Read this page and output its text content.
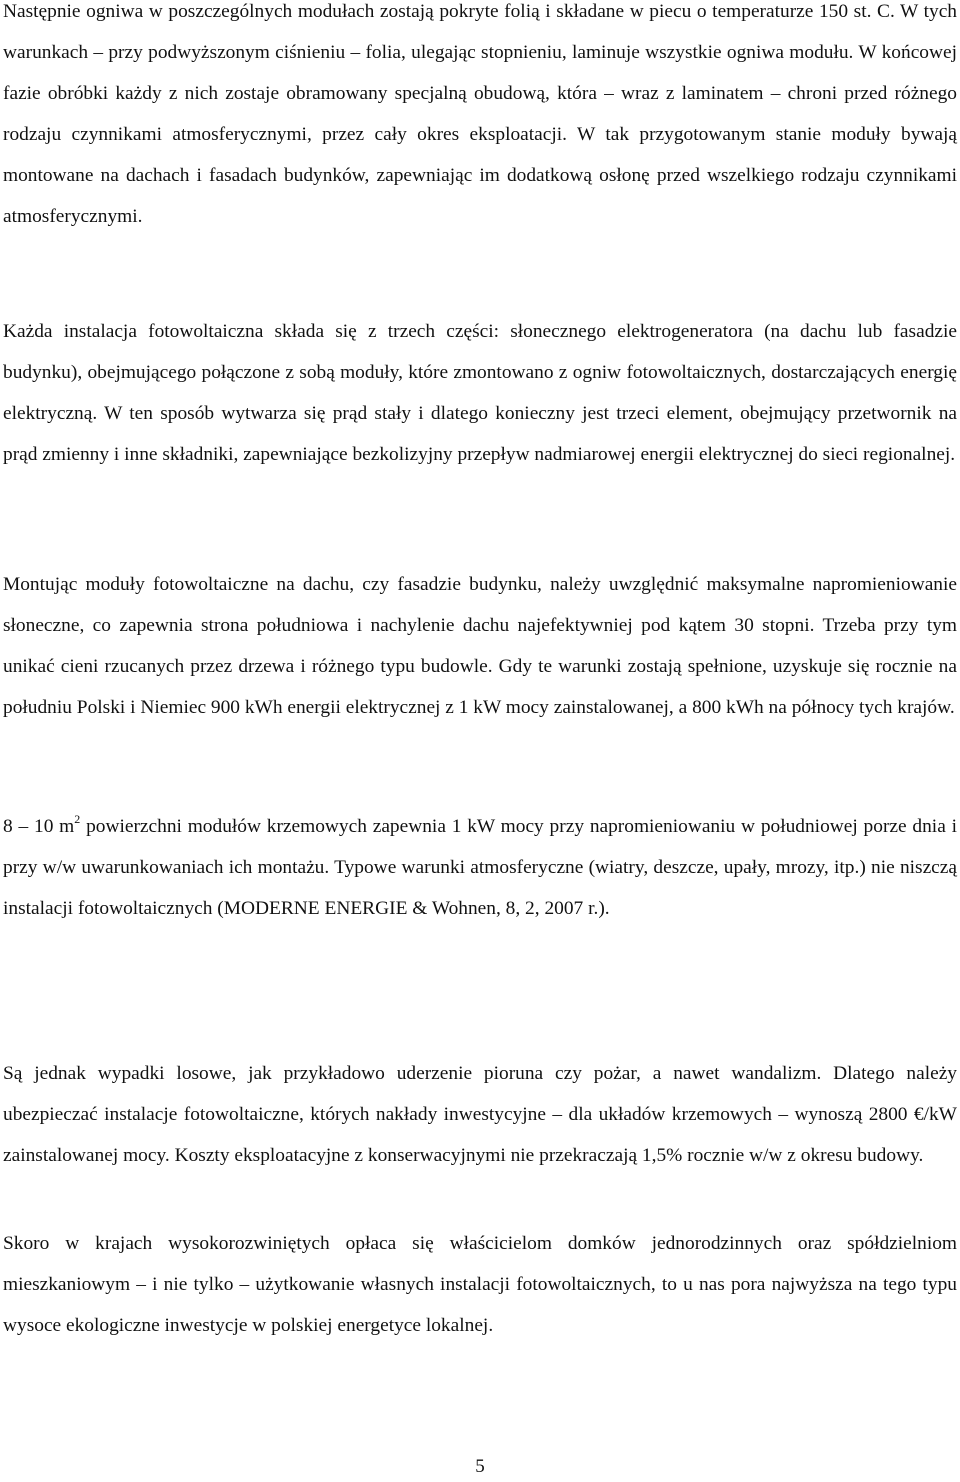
Następnie ogniwa w poszczególnych modułach zostają pokryte folią i składane w piecu o temperaturze 150 st. C. W tych warunkach – przy podwyższonym ciśnieniu – folia, ulegając stopnieniu, laminuje wszystkie ogniwa modułu. W końcowej fazie obróbki każdy z nich zostaje obramowany specjalną obudową, która – wraz z laminatem – chroni przed różnego rodzaju czynnikami atmosferycznymi, przez cały okres eksploatacji. W tak przygotowanym stanie moduły bywają montowane na dachach i fasadach budynków, zapewniając im dodatkową osłonę przed wszelkiego rodzaju czynnikami atmosferycznymi.

Każda instalacja fotowoltaiczna składa się z trzech części: słonecznego elektrogeneratora (na dachu lub fasadzie budynku), obejmującego połączone z sobą moduły, które zmontowano z ogniw fotowoltaicznych, dostarczających energię elektryczną. W ten sposób wytwarza się prąd stały i dlatego konieczny jest trzeci element, obejmujący przetwornik na prąd zmienny i inne składniki, zapewniające bezkolizyjny przepływ nadmiarowej energii elektrycznej do sieci regionalnej.

Montując moduły fotowoltaiczne na dachu, czy fasadzie budynku, należy uwzględnić maksymalne napromieniowanie słoneczne, co zapewnia strona południowa i nachylenie dachu najefektywniej pod kątem 30 stopni. Trzeba przy tym unikać cieni rzucanych przez drzewa i różnego typu budowle. Gdy te warunki zostają spełnione, uzyskuje się rocznie na południu Polski i Niemiec 900 kWh energii elektrycznej z 1 kW mocy zainstalowanej, a 800 kWh na północy tych krajów.

8 – 10 $m^2$ powierzchni modułów krzemowych zapewnia 1 kW mocy przy napromieniowaniu w południowej porze dnia i przy w/w uwarunkowaniach ich montażu. Typowe warunki atmosferyczne (wiatry, deszcze, upały, mrozy, itp.) nie niszczą instalacji fotowoltaicznych (MODERNE ENERGIE & Wohnen, 8, 2, 2007 r.).

Są jednak wypadki losowe, jak przykładowo uderzenie pioruna czy pożar, a nawet wandalizm. Dlatego należy ubezpieczać instalacje fotowoltaiczne, których nakłady inwestycyjne – dla układów krzemowych – wynoszą 2800 €/kW zainstalowanej mocy. Koszty eksploatacyjne z konserwacyjnymi nie przekraczają 1,5% rocznie w/w z okresu budowy.

Skoro w krajach wysokorozwiniętych opłaca się właścicielom domków jednorodzinnych oraz spółdzielniom mieszkaniowym – i nie tylko – użytkowanie własnych instalacji fotowoltaicznych, to u nas pora najwyższa na tego typu wysoce ekologiczne inwestycje w polskiej energetyce lokalnej.

5
